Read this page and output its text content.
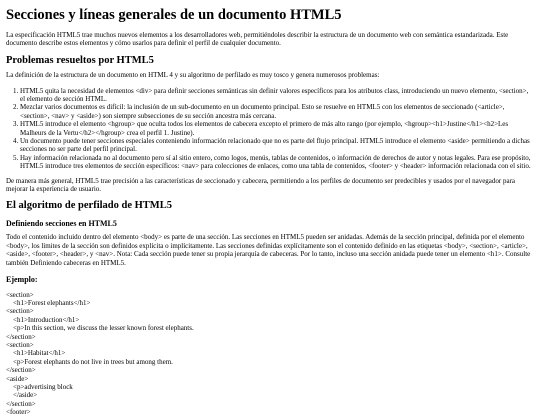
Secciones y líneas generales de un documento HTML5

La especificación HTML5 trae muchos nuevos elementos a los desarrolladores web, permitiéndoles describir la estructura de un documento web con semántica estandarizada. Este documento describe estos elementos y cómo usarlos para definir el perfil de cualquier documento.

Problemas resueltos por HTML5

La definición de la estructura de un documento en HTML 4 y su algoritmo de perfilado es muy tosco y genera numerosos problemas:

1. HTML5 quita la necesidad de elementos <div> para definir secciones semánticas sin definir valores específicos para los atributos class, introduciendo un nuevo elemento, <section>, el elemento de sección HTML.
2. Mezclar varios documentos es difícil: la inclusión de un sub-documento en un documento principal. Esto se resuelve en HTML5 con los elementos de seccionado (<article>, <section>, <nav> y <aside>) son siempre subsecciones de su sección ancestra más cercana.
3. HTML5 introduce el elemento <hgroup> que oculta todos los elementos de cabecera excepto el primero de más alto rango (por ejemplo, <hgroup><h1>Justine</h1><h2>Les Malheurs de la Vertu</h2></hgroup> crea el perfil 1. Justine).
4. Un documento puede tener secciones especiales conteniendo información relacionado que no es parte del flujo principal. HTML5 introduce el elemento <aside> permitiendo a dichas secciones no ser parte del perfil principal.
5. Hay información relacionada no al documento pero sí al sitio entero, como logos, menús, tablas de contenidos, o información de derechos de autor y notas legales. Para ese propósito, HTML5 introduce tres elementos de sección específicos: <nav> para colecciones de enlaces, como una tabla de contenidos, <footer> y <header> información relacionada con el sitio.

De manera más general, HTML5 trae precisión a las características de seccionado y cabecera, permitiendo a los perfiles de documento ser predecibles y usados por el navegador para mejorar la experiencia de usuario.

El algoritmo de perfilado de HTML5
Definiendo secciones en HTML5

Todo el contenido incluido dentro del elemento <body> es parte de una sección. Las secciones en HTML5 pueden ser anidadas. Además de la sección principal, definida por el elemento <body>, los límites de la sección son definidos explícita o implícitamente. Las secciones definidas explícitamente son el contenido definido en las etiquetas <body>, <section>, <article>, <aside>, <footer>, <header>, y <nav>. Nota: Cada sección puede tener su propia jerarquía de cabeceras. Por lo tanto, incluso una sección anidada puede tener un elemento <h1>. Consulte también Definiendo cabeceras en HTML5.

Ejemplo:
<section>
<h1>Forest elephants</h1>
<section>
<h1>Introduction</h1>
<p>In this section, we discuss the lesser known forest elephants.
</section>
<section>
<h1>Habitat</h1>
<p>Forest elephants do not live in trees but among them.
</section>
<aside>
<p>advertising block
</aside>
</section>
<footer>
